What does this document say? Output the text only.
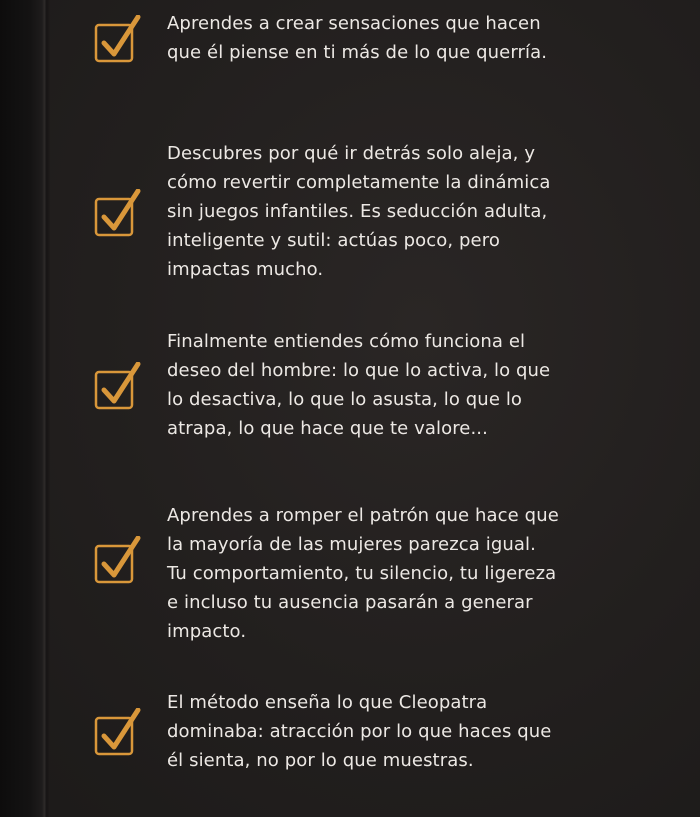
Aprendes a crear sensaciones que hacen que él piense en ti más de lo que querría.

Descubres por qué ir detrás solo aleja, y cómo revertir completamente la dinámica sin juegos infantiles. Es seducción adulta, inteligente y sutil: actúas poco, pero impactas mucho.

Finalmente entiendes cómo funciona el deseo del hombre: lo que lo activa, lo que lo desactiva, lo que lo asusta, lo que lo atrapa, lo que hace que te valore...

Aprendes a romper el patrón que hace que la mayoría de las mujeres parezca igual. Tu comportamiento, tu silencio, tu ligereza e incluso tu ausencia pasarán a generar impacto.

El método enseña lo que Cleopatra dominaba: atracción por lo que haces que él sienta, no por lo que muestras.
